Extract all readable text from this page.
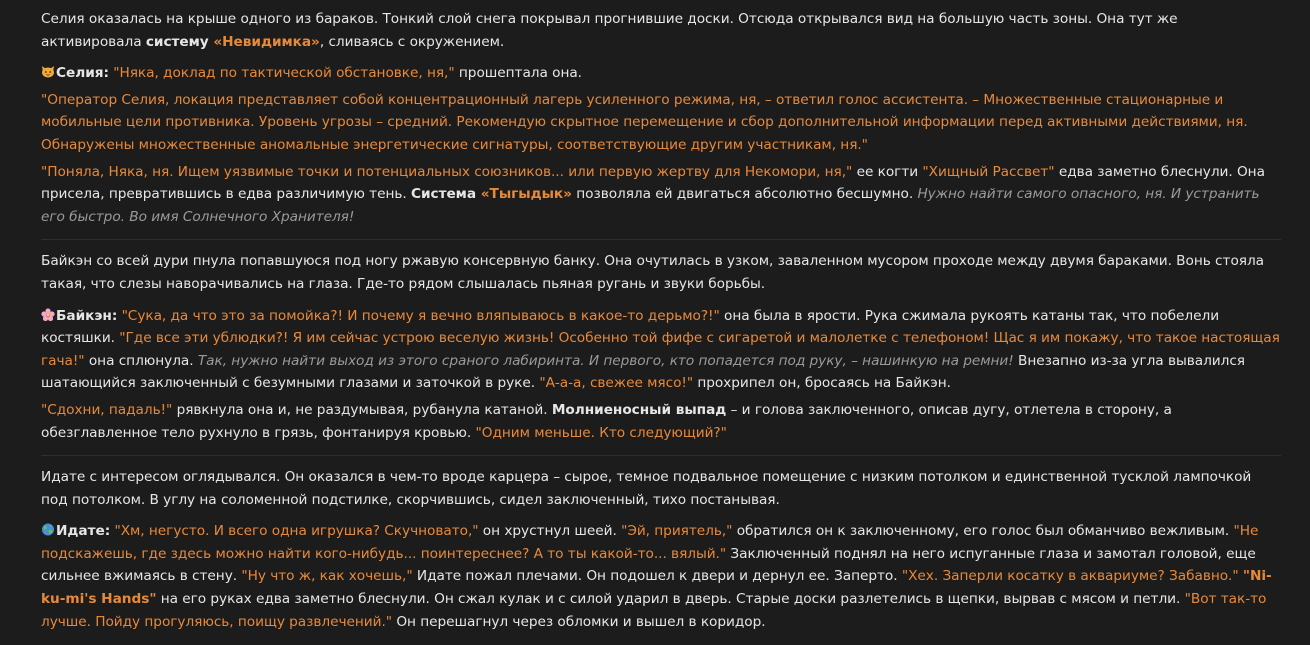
Селия оказалась на крыше одного из бараков. Тонкий слой снега покрывал прогнившие доски. Отсюда открывался вид на большую часть зоны. Она тут же активировала систему «Невидимка», сливаясь с окружением.

Селия: "Няка, доклад по тактической обстановке, ня," прошептала она.

"Оператор Селия, локация представляет собой концентрационный лагерь усиленного режима, ня, – ответил голос ассистента. – Множественные стационарные и мобильные цели противника. Уровень угрозы – средний. Рекомендую скрытное перемещение и сбор дополнительной информации перед активными действиями, ня. Обнаружены множественные аномальные энергетические сигнатуры, соответствующие другим участникам, ня."

"Поняла, Няка, ня. Ищем уязвимые точки и потенциальных союзников... или первую жертву для Некомори, ня," ее когти "Хищный Рассвет" едва заметно блеснули. Она присела, превратившись в едва различимую тень. Система «Тыгыдык» позволяла ей двигаться абсолютно бесшумно. Нужно найти самого опасного, ня. И устранить его быстро. Во имя Солнечного Хранителя!

Байкэн со всей дури пнула попавшуюся под ногу ржавую консервную банку. Она очутилась в узком, заваленном мусором проходе между двумя бараками. Вонь стояла такая, что слезы наворачивались на глаза. Где-то рядом слышалась пьяная ругань и звуки борьбы.

Байкэн: "Сука, да что это за помойка?! И почему я вечно вляпываюсь в какое-то дерьмо?!" она была в ярости. Рука сжимала рукоять катаны так, что побелели костяшки. "Где все эти ублюдки?! Я им сейчас устрою веселую жизнь! Особенно той фифе с сигаретой и малолетке с телефоном! Щас я им покажу, что такое настоящая гача!" она сплюнула. Так, нужно найти выход из этого сраного лабиринта. И первого, кто попадется под руку, – нашинкую на ремни! Внезапно из-за угла вывалился шатающийся заключенный с безумными глазами и заточкой в руке. "А-а-а, свежее мясо!" прохрипел он, бросаясь на Байкэн.

"Сдохни, падаль!" рявкнула она и, не раздумывая, рубанула катаной. Молниеносный выпад – и голова заключенного, описав дугу, отлетела в сторону, а обезглавленное тело рухнуло в грязь, фонтанируя кровью. "Одним меньше. Кто следующий?"

Идате с интересом оглядывался. Он оказался в чем-то вроде карцера – сырое, темное подвальное помещение с низким потолком и единственной тусклой лампочкой под потолком. В углу на соломенной подстилке, скорчившись, сидел заключенный, тихо постанывая.

Идате: "Хм, негусто. И всего одна игрушка? Скучновато," он хрустнул шеей. "Эй, приятель," обратился он к заключенному, его голос был обманчиво вежливым. "Не подскажешь, где здесь можно найти кого-нибудь... поинтереснее? А то ты какой-то... вялый." Заключенный поднял на него испуганные глаза и замотал головой, еще сильнее вжимаясь в стену. "Ну что ж, как хочешь," Идате пожал плечами. Он подошел к двери и дернул ее. Заперто. "Хех. Заперли косатку в аквариуме? Забавно." "Ni-ku-mi's Hands" на его руках едва заметно блеснули. Он сжал кулак и с силой ударил в дверь. Старые доски разлетелись в щепки, вырвав с мясом и петли. "Вот так-то лучше. Пойду прогуляюсь, поищу развлечений." Он перешагнул через обломки и вышел в коридор.
